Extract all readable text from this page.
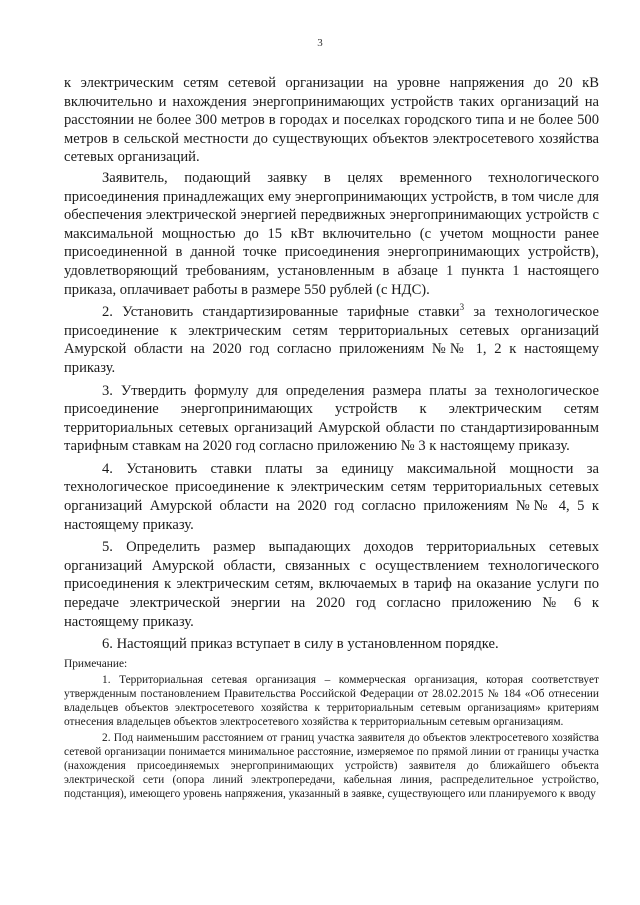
3

к электрическим сетям сетевой организации на уровне напряжения до 20 кВ включительно и нахождения энергопринимающих устройств таких организаций на расстоянии не более 300 метров в городах и поселках городского типа и не более 500 метров в сельской местности до существующих объектов электросетевого хозяйства сетевых организаций.

Заявитель, подающий заявку в целях временного технологического присоединения принадлежащих ему энергопринимающих устройств, в том числе для обеспечения электрической энергией передвижных энергопринимающих устройств с максимальной мощностью до 15 кВт включительно (с учетом мощности ранее присоединенной в данной точке присоединения энергопринимающих устройств), удовлетворяющий требованиям, установленным в абзаце 1 пункта 1 настоящего приказа, оплачивает работы в размере 550 рублей (с НДС).

2. Установить стандартизированные тарифные ставки$^3$ за технологическое присоединение к электрическим сетям территориальных сетевых организаций Амурской области на 2020 год согласно приложениям №№ 1, 2 к настоящему приказу.

3. Утвердить формулу для определения размера платы за технологическое присоединение энергопринимающих устройств к электрическим сетям территориальных сетевых организаций Амурской области по стандартизированным тарифным ставкам на 2020 год согласно приложению № 3 к настоящему приказу.

4. Установить ставки платы за единицу максимальной мощности за технологическое присоединение к электрическим сетям территориальных сетевых организаций Амурской области на 2020 год согласно приложениям №№ 4, 5 к настоящему приказу.

5. Определить размер выпадающих доходов территориальных сетевых организаций Амурской области, связанных с осуществлением технологического присоединения к электрическим сетям, включаемых в тариф на оказание услуги по передаче электрической энергии на 2020 год согласно приложению № 6 к настоящему приказу.

6. Настоящий приказ вступает в силу в установленном порядке.

Примечание:

1. Территориальная сетевая организация – коммерческая организация, которая соответствует утвержденным постановлением Правительства Российской Федерации от 28.02.2015 № 184 «Об отнесении владельцев объектов электросетевого хозяйства к территориальным сетевым организациям» критериям отнесения владельцев объектов электросетевого хозяйства к территориальным сетевым организациям.

2. Под наименьшим расстоянием от границ участка заявителя до объектов электросетевого хозяйства сетевой организации понимается минимальное расстояние, измеряемое по прямой линии от границы участка (нахождения присоединяемых энергопринимающих устройств) заявителя до ближайшего объекта электрической сети (опора линий электропередачи, кабельная линия, распределительное устройство, подстанция), имеющего уровень напряжения, указанный в заявке, существующего или планируемого к вводу
